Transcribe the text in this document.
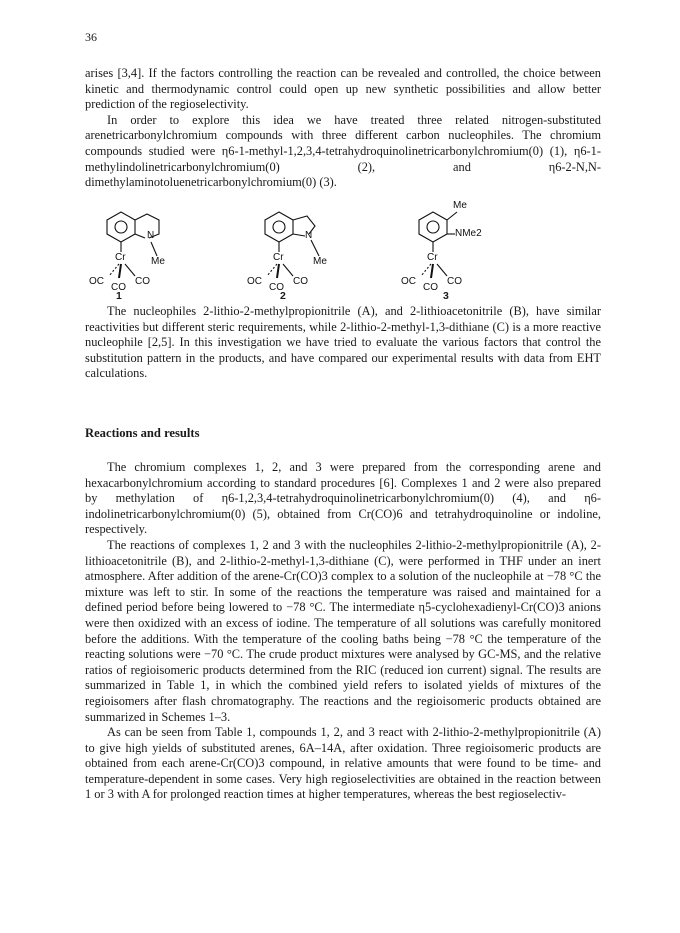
36

arises [3,4]. If the factors controlling the reaction can be revealed and controlled, the choice between kinetic and thermodynamic control could open up new synthetic possibilities and allow better prediction of the regioselectivity.

In order to explore this idea we have treated three related nitrogen-substituted arenetricarbonylchromium compounds with three different carbon nucleophiles. The chromium compounds studied were η6-1-methyl-1,2,3,4-tetrahydroquinolinetricarbonylchromium(0) (1), η6-1-methylindolinetricarbonylchromium(0) (2), and η6-2-N,N-dimethylaminotoluenetricarbonylchromium(0) (3).

N
Me
Cr
OC
CO
CO
1
N
Me
Cr
OC
CO
CO
2
Me
NMe2
Cr
OC
CO
CO
3

The nucleophiles 2-lithio-2-methylpropionitrile (A), and 2-lithioacetonitrile (B), have similar reactivities but different steric requirements, while 2-lithio-2-methyl-1,3-dithiane (C) is a more reactive nucleophile [2,5]. In this investigation we have tried to evaluate the various factors that control the substitution pattern in the products, and have compared our experimental results with data from EHT calculations.

Reactions and results

The chromium complexes 1, 2, and 3 were prepared from the corresponding arene and hexacarbonylchromium according to standard procedures [6]. Complexes 1 and 2 were also prepared by methylation of η6-1,2,3,4-tetrahydroquinolinetricarbonylchromium(0) (4), and η6-indolinetricarbonylchromium(0) (5), obtained from Cr(CO)6 and tetrahydroquinoline or indoline, respectively.

The reactions of complexes 1, 2 and 3 with the nucleophiles 2-lithio-2-methylpropionitrile (A), 2-lithioacetonitrile (B), and 2-lithio-2-methyl-1,3-dithiane (C), were performed in THF under an inert atmosphere. After addition of the arene-Cr(CO)3 complex to a solution of the nucleophile at −78 °C the mixture was left to stir. In some of the reactions the temperature was raised and maintained for a defined period before being lowered to −78 °C. The intermediate η5-cyclohexadienyl-Cr(CO)3 anions were then oxidized with an excess of iodine. The temperature of all solutions was carefully monitored before the additions. With the temperature of the cooling baths being −78 °C the temperature of the reacting solutions were −70 °C. The crude product mixtures were analysed by GC-MS, and the relative ratios of regioisomeric products determined from the RIC (reduced ion current) signal. The results are summarized in Table 1, in which the combined yield refers to isolated yields of mixtures of the regioisomers after flash chromatography. The reactions and the regioisomeric products obtained are summarized in Schemes 1–3.

As can be seen from Table 1, compounds 1, 2, and 3 react with 2-lithio-2-methylpropionitrile (A) to give high yields of substituted arenes, 6A–14A, after oxidation. Three regioisomeric products are obtained from each arene-Cr(CO)3 compound, in relative amounts that were found to be time- and temperature-dependent in some cases. Very high regioselectivities are obtained in the reaction between 1 or 3 with A for prolonged reaction times at higher temperatures, whereas the best regioselectiv-
